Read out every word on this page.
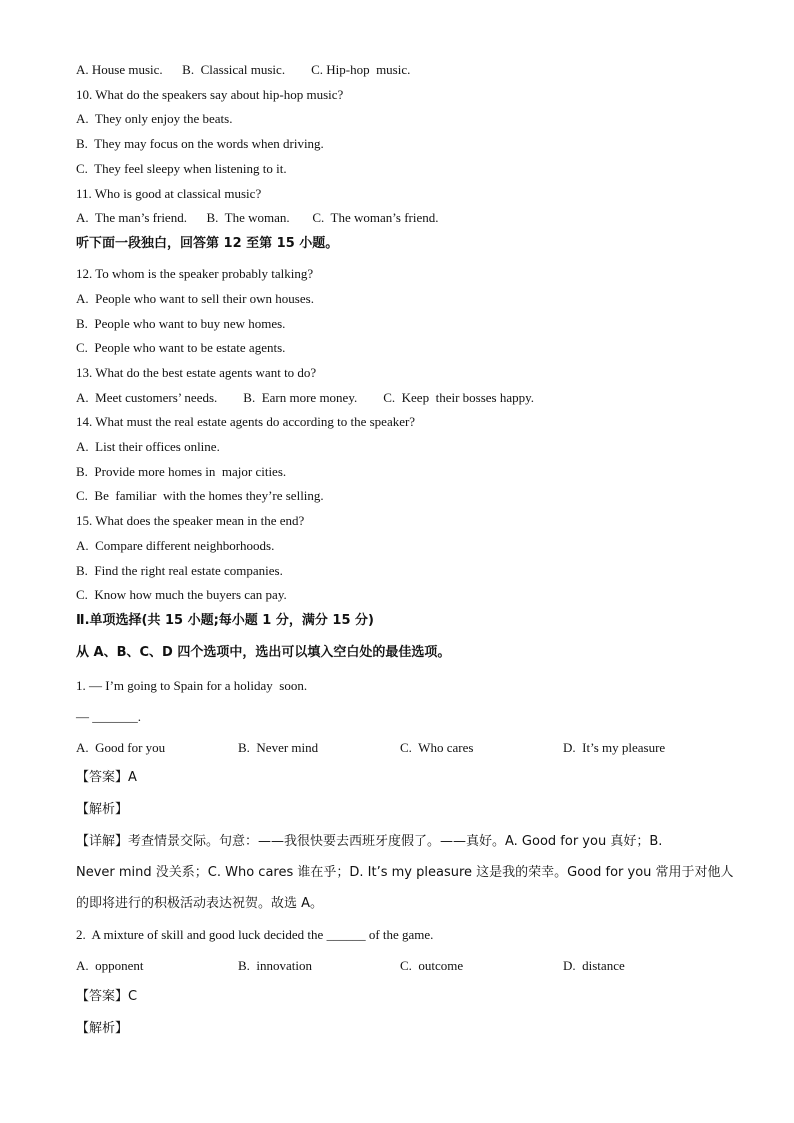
A. House music.      B.  Classical music.        C. Hip-hop  music.
10. What do the speakers say about hip-hop music?
A.  They only enjoy the beats.
B.  They may focus on the words when driving.
C.  They feel sleepy when listening to it.
11. Who is good at classical music?
A.  The man’s friend.      B.  The woman.       C.  The woman’s friend.
听下面一段独白，回答第 12 至第 15 小题。
12. To whom is the speaker probably talking?
A.  People who want to sell their own houses.
B.  People who want to buy new homes.
C.  People who want to be estate agents.
13. What do the best estate agents want to do?
A.  Meet customers’ needs.        B.  Earn more money.        C.  Keep  their bosses happy.
14. What must the real estate agents do according to the speaker?
A.  List their offices online.
B.  Provide more homes in  major cities.
C.  Be  familiar  with the homes they’re selling.
15. What does the speaker mean in the end?
A.  Compare different neighborhoods.
B.  Find the right real estate companies.
C.  Know how much the buyers can pay.
Ⅱ.单项选择(共 15 小题;每小题 1 分，满分 15 分)
从 A、B、C、D 四个选项中，选出可以填入空白处的最佳选项。
1. — I’m going to Spain for a holiday  soon.
— _______.
A.  Good for you	B.  Never mind	C.  Who cares	D.  It’s my pleasure
【答案】A
【解析】
【详解】考查情景交际。句意：——我很快要去西班牙度假了。——真好。A. Good for you 真好；B.
Never mind 没关系；C. Who cares 谁在乎；D. It’s my pleasure 这是我的荣幸。Good for you 常用于对他人
的即将进行的积极活动表达祝贺。故选 A。
2.  A mixture of skill and good luck decided the ______ of the game.
A.  opponent	B.  innovation	C.  outcome	D.  distance
【答案】C
【解析】
